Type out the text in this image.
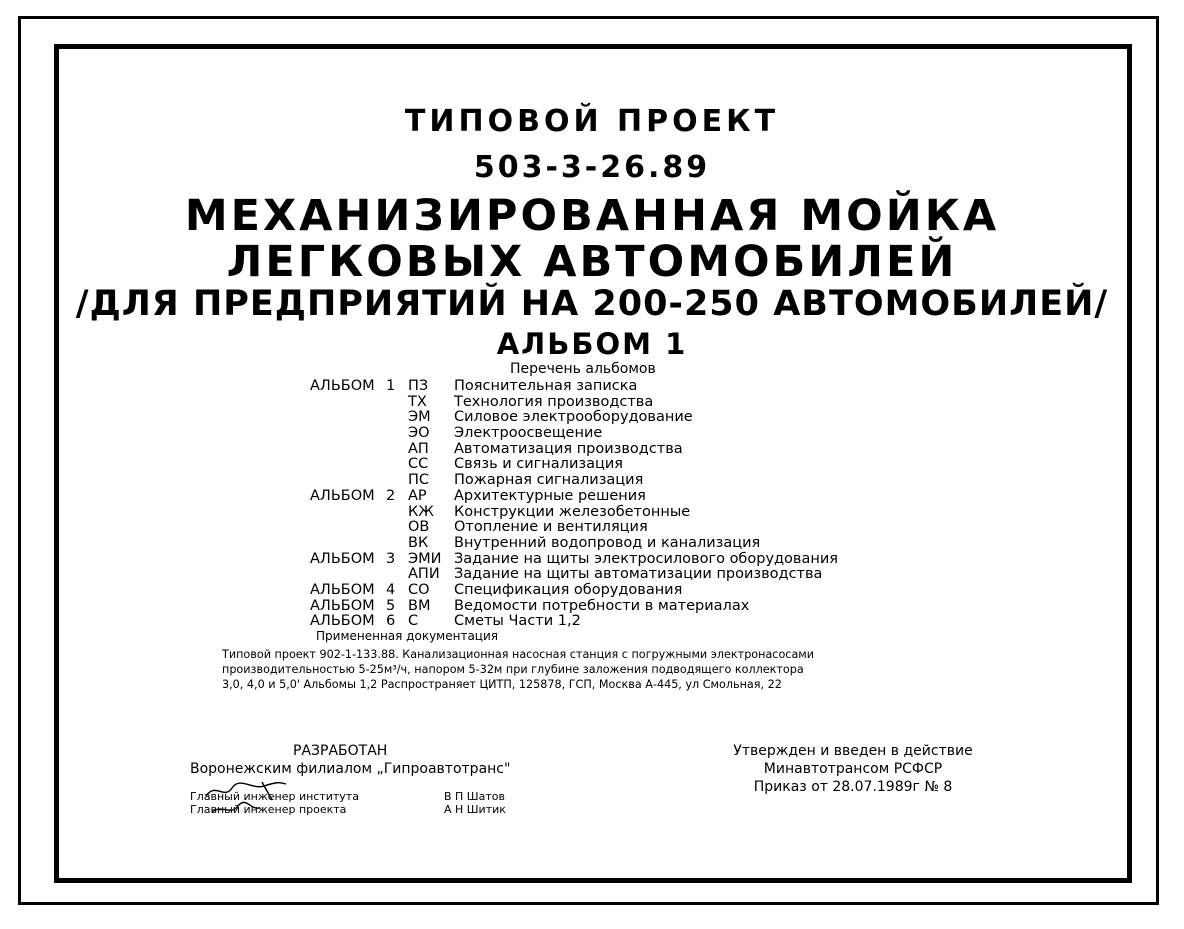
ТИПОВОЙ ПРОЕКТ
503-3-26.89
МЕХАНИЗИРОВАННАЯ МОЙКА
ЛЕГКОВЫХ АВТОМОБИЛЕЙ
/ДЛЯ ПРЕДПРИЯТИЙ НА 200-250 АВТОМОБИЛЕЙ/
АЛЬБОМ 1
Перечень альбомов
АЛЬБОМ 1 ПЗ Пояснительная записка
ТХ Технология производства
ЭМ Силовое электрооборудование
ЭО Электроосвещение
АП Автоматизация производства
СС Связь и сигнализация
ПС Пожарная сигнализация
АЛЬБОМ 2 АР Архитектурные решения
КЖ Конструкции железобетонные
ОВ Отопление и вентиляция
ВК Внутренний водопровод и канализация
АЛЬБОМ 3 ЭМИ Задание на щиты электросилового оборудования
АПИ Задание на щиты автоматизации производства
АЛЬБОМ 4 СО Спецификация оборудования
АЛЬБОМ 5 ВМ Ведомости потребности в материалах
АЛЬБОМ 6 С Сметы Части 1,2
Примененная документация
Типовой проект 902-1-133.88. Канализационная насосная станция с погружными электронасосами
производительностью 5-25м³/ч, напором 5-32м при глубине заложения подводящего коллектора
3,0, 4,0 и 5,0' Альбомы 1,2 Распространяет ЦИТП, 125878, ГСП, Москва А-445, ул Смольная, 22
РАЗРАБОТАН
Воронежским филиалом „Гипроавтотранс"
Главный инженер института	В П Шатов
Главный инженер проекта	А Н Шитик
Утвержден и введен в действие
Минавтотрансом РСФСР
Приказ от 28.07.1989г № 8
